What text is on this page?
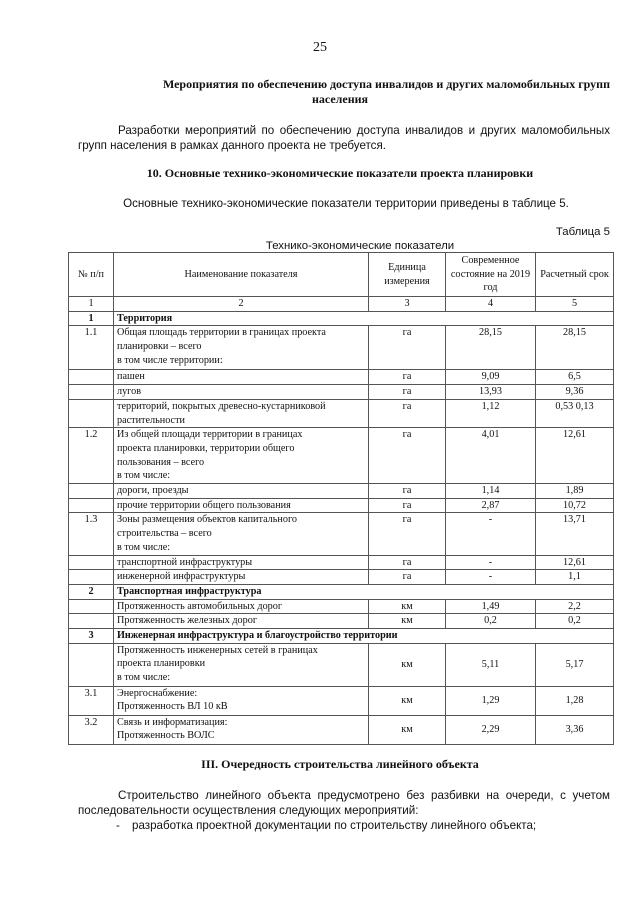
25
Мероприятия по обеспечению доступа инвалидов и других маломобильных групп
населения
Разработки мероприятий по обеспечению доступа инвалидов и других маломобильных
групп населения в рамках данного проекта не требуется.
10. Основные технико-экономические показатели проекта планировки
Основные технико-экономические показатели территории приведены в таблице 5.
Таблица 5
Технико-экономические показатели
№ п/п	Наименование показателя	Единица измерения	Современное состояние на 2019 год	Расчетный срок
1	2	3	4	5
1	Территория			
1.1	Общая площадь территории в границах проекта
планировки – всего
в том числе территории:	га	28,15	28,15

	пашен	га	9,09	6,5

	лугов	га	13,93	9,36

	территорий, покрытых древесно-кустарниковой
растительности	га	1,12	0,53 0,13
1.2	Из общей площади территории в границах
проекта планировки, территории общего
пользования – всего
в том числе:	га	4,01	12,61

	дороги, проезды	га	1,14	1,89

	прочие территории общего пользования	га	2,87	10,72
1.3	Зоны размещения объектов капитального
строительства – всего
в том числе:	га	-	13,71

	транспортной инфраструктуры	га	-	12,61

	инженерной инфраструктуры	га	-	1,1
2	Транспортная инфраструктура			

	Протяженность автомобильных дорог	км	1,49	2,2

	Протяженность железных дорог	км	0,2	0,2
3	Инженерная инфраструктура и благоустройство территории			

	Протяженность инженерных сетей в границах
проекта планировки
в том числе:	км	5,11	5,17
3.1	Энергоснабжение:
Протяженность ВЛ 10 кВ	км	1,29	1,28
3.2	Связь и информатизация:
Протяженность ВОЛС	км	2,29	3,36
III. Очередность строительства линейного объекта
Строительство линейного объекта предусмотрено без разбивки на очереди, с учетом
последовательности осуществления следующих мероприятий:
- разработка проектной документации по строительству линейного объекта;
